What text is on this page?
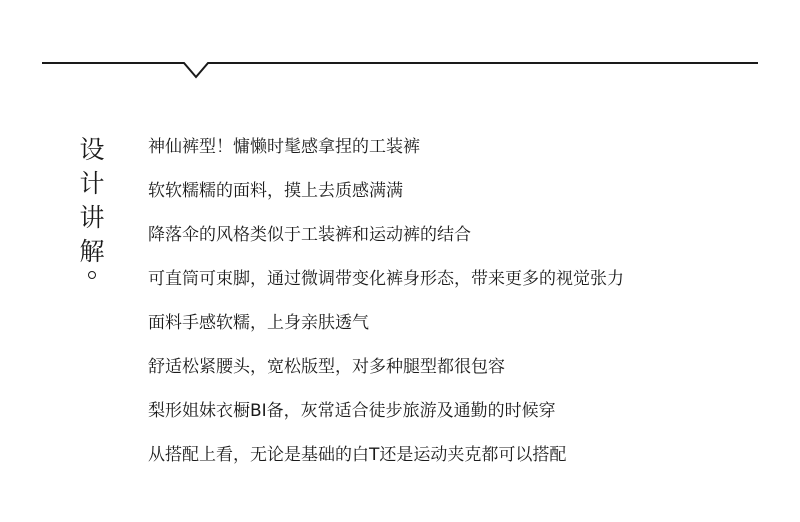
设
计
讲
解
神仙裤型！慵懒时髦感拿捏的工装裤
软软糯糯的面料，摸上去质感满满
降落伞的风格类似于工装裤和运动裤的结合
可直筒可束脚，通过微调带变化裤身形态，带来更多的视觉张力
面料手感软糯，上身亲肤透气
舒适松紧腰头，宽松版型，对多种腿型都很包容
梨形姐妹衣橱BI备，灰常适合徒步旅游及通勤的时候穿
从搭配上看，无论是基础的白T还是运动夹克都可以搭配
